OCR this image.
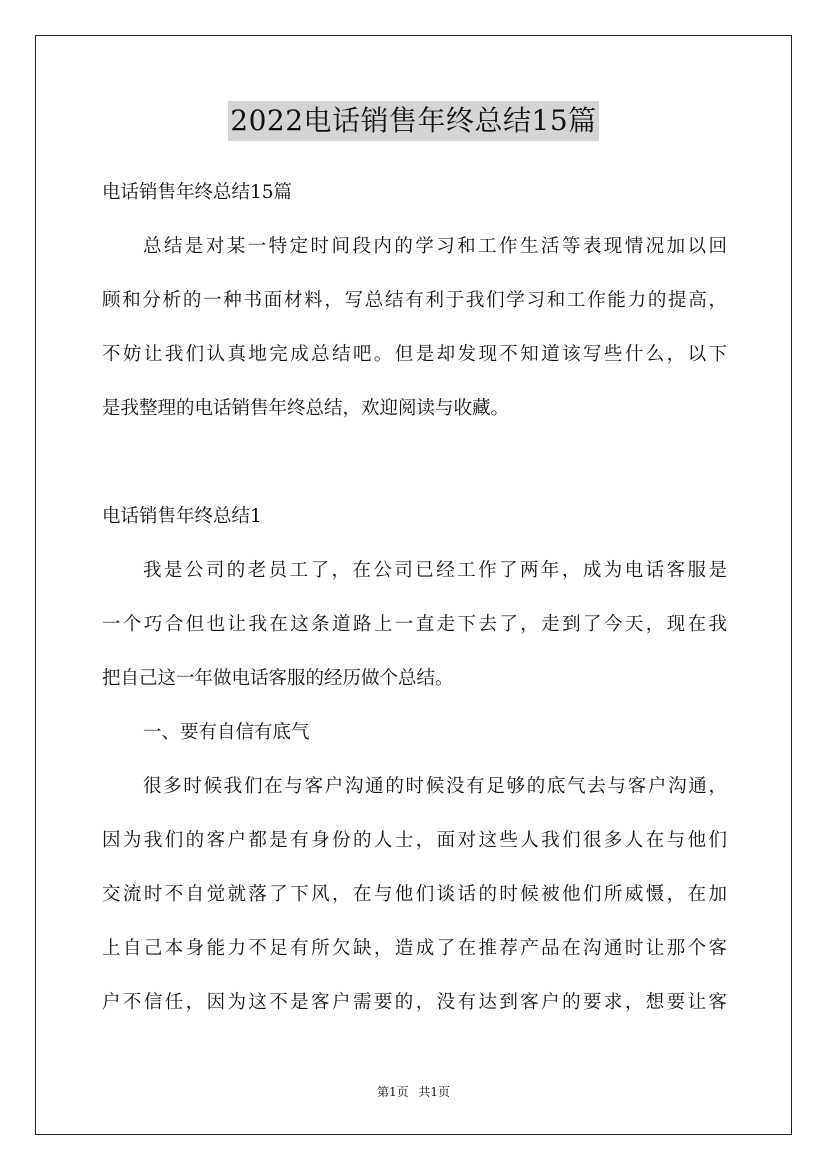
2022电话销售年终总结15篇
电话销售年终总结15篇
总结是对某一特定时间段内的学习和工作生活等表现情况加以回
顾和分析的一种书面材料，写总结有利于我们学习和工作能力的提高，
不妨让我们认真地完成总结吧。但是却发现不知道该写些什么，以下
是我整理的电话销售年终总结，欢迎阅读与收藏。
电话销售年终总结1
我是公司的老员工了，在公司已经工作了两年，成为电话客服是
一个巧合但也让我在这条道路上一直走下去了，走到了今天，现在我
把自己这一年做电话客服的经历做个总结。
一、要有自信有底气
很多时候我们在与客户沟通的时候没有足够的底气去与客户沟通，
因为我们的客户都是有身份的人士，面对这些人我们很多人在与他们
交流时不自觉就落了下风，在与他们谈话的时候被他们所威慑，在加
上自己本身能力不足有所欠缺，造成了在推荐产品在沟通时让那个客
户不信任，因为这不是客户需要的，没有达到客户的要求，想要让客
第1页 共1页
